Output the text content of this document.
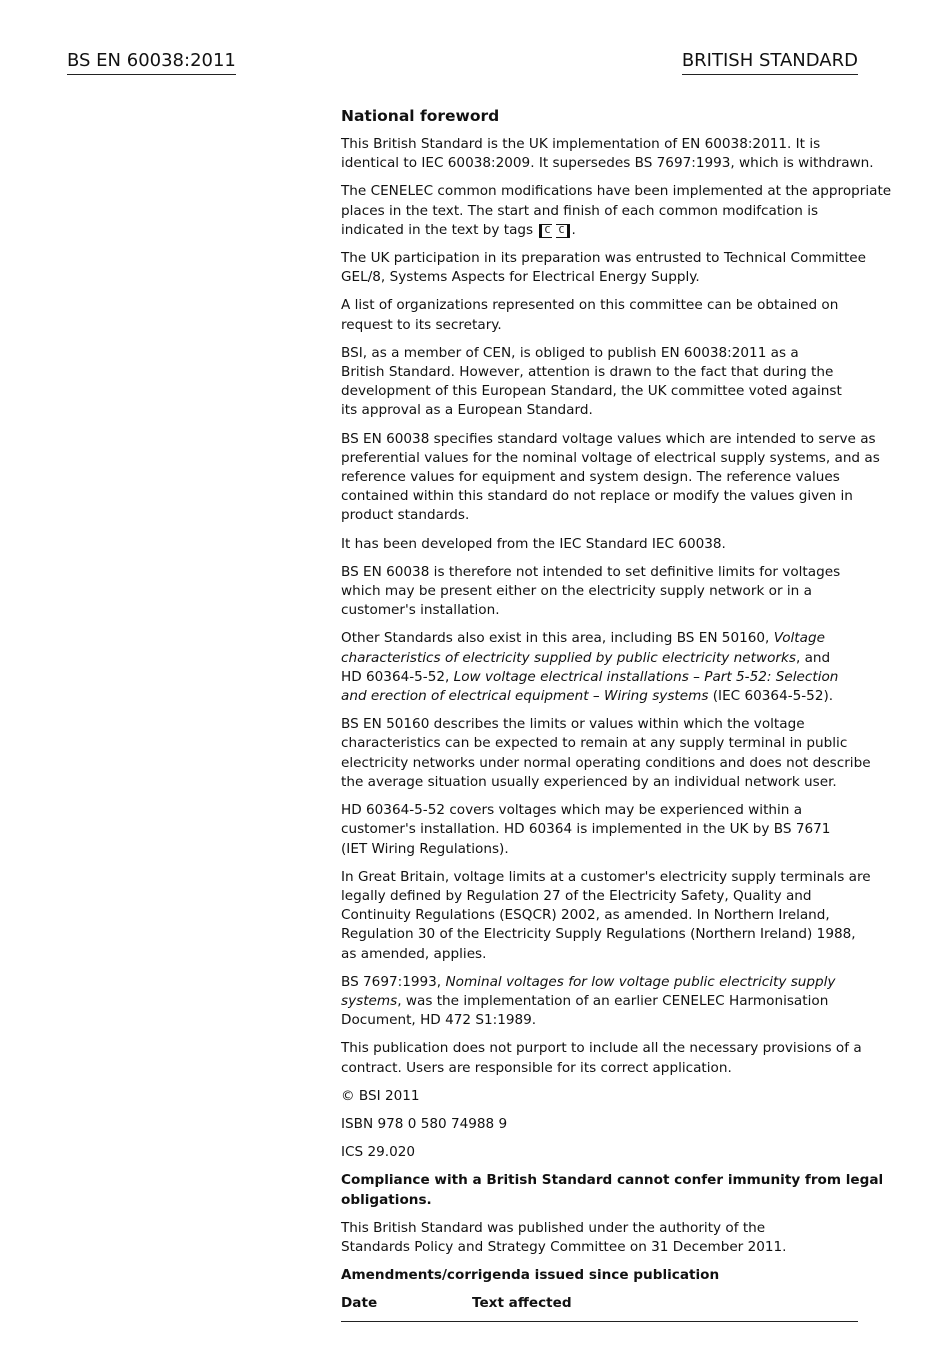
BS EN 60038:2011	BRITISH STANDARD
National foreword

This British Standard is the UK implementation of EN 60038:2011. It is
identical to IEC 60038:2009. It supersedes BS 7697:1993, which is withdrawn.

The CENELEC common modifications have been implemented at the appropriate
places in the text. The start and finish of each common modifcation is
indicated in the text by tags C C .

The UK participation in its preparation was entrusted to Technical Committee
GEL/8, Systems Aspects for Electrical Energy Supply.

A list of organizations represented on this committee can be obtained on
request to its secretary.

BSI, as a member of CEN, is obliged to publish EN 60038:2011 as a
British Standard. However, attention is drawn to the fact that during the
development of this European Standard, the UK committee voted against
its approval as a European Standard.

BS EN 60038 specifies standard voltage values which are intended to serve as
preferential values for the nominal voltage of electrical supply systems, and as
reference values for equipment and system design. The reference values
contained within this standard do not replace or modify the values given in
product standards.

It has been developed from the IEC Standard IEC 60038.

BS EN 60038 is therefore not intended to set definitive limits for voltages
which may be present either on the electricity supply network or in a
customer's installation.

Other Standards also exist in this area, including BS EN 50160, Voltage
characteristics of electricity supplied by public electricity networks, and
HD 60364-5-52, Low voltage electrical installations – Part 5-52: Selection
and erection of electrical equipment – Wiring systems (IEC 60364-5-52).

BS EN 50160 describes the limits or values within which the voltage
characteristics can be expected to remain at any supply terminal in public
electricity networks under normal operating conditions and does not describe
the average situation usually experienced by an individual network user.

HD 60364-5-52 covers voltages which may be experienced within a
customer's installation. HD 60364 is implemented in the UK by BS 7671
(IET Wiring Regulations).

In Great Britain, voltage limits at a customer's electricity supply terminals are
legally defined by Regulation 27 of the Electricity Safety, Quality and
Continuity Regulations (ESQCR) 2002, as amended. In Northern Ireland,
Regulation 30 of the Electricity Supply Regulations (Northern Ireland) 1988,
as amended, applies.

BS 7697:1993, Nominal voltages for low voltage public electricity supply
systems, was the implementation of an earlier CENELEC Harmonisation
Document, HD 472 S1:1989.

This publication does not purport to include all the necessary provisions of a
contract. Users are responsible for its correct application.

© BSI 2011

ISBN 978 0 580 74988 9

ICS 29.020

Compliance with a British Standard cannot confer immunity from legal
obligations.

This British Standard was published under the authority of the
Standards Policy and Strategy Committee on 31 December 2011.

Amendments/corrigenda issued since publication

Date	Text affected
